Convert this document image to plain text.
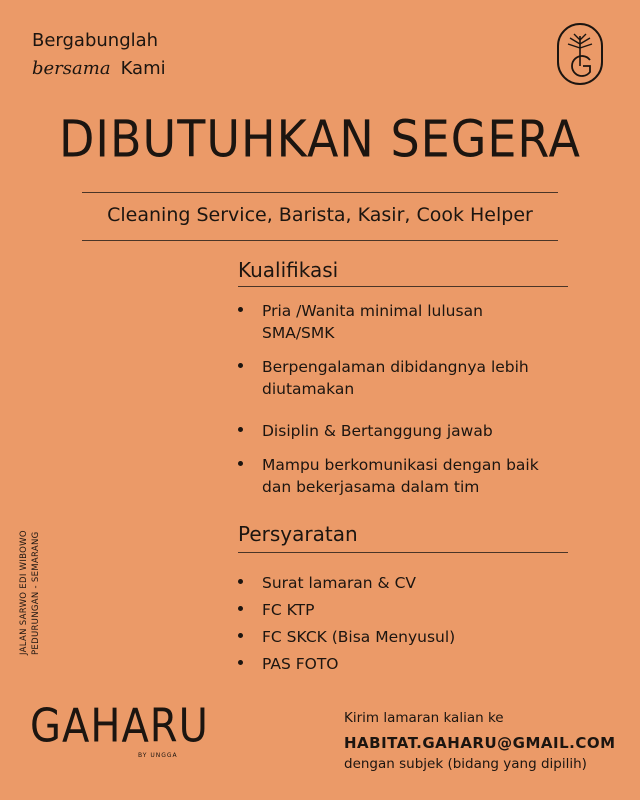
Bergabunglah
bersama Kami
DIBUTUHKAN SEGERA
Cleaning Service, Barista, Kasir, Cook Helper
Kualifikasi
Pria /Wanita minimal lulusan SMA/SMK
Berpengalaman dibidangnya lebih diutamakan
Disiplin & Bertanggung jawab
Mampu berkomunikasi dengan baik dan bekerjasama dalam tim
Persyaratan
Surat lamaran & CV
FC KTP
FC SKCK (Bisa Menyusul)
PAS FOTO
JALAN SARWO EDI WIBOWO PEDURUNGAN - SEMARANG
GAHARU
BY UNGGA
Kirim lamaran kalian ke
HABITAT.GAHARU@GMAIL.COM
dengan subjek (bidang yang dipilih)
